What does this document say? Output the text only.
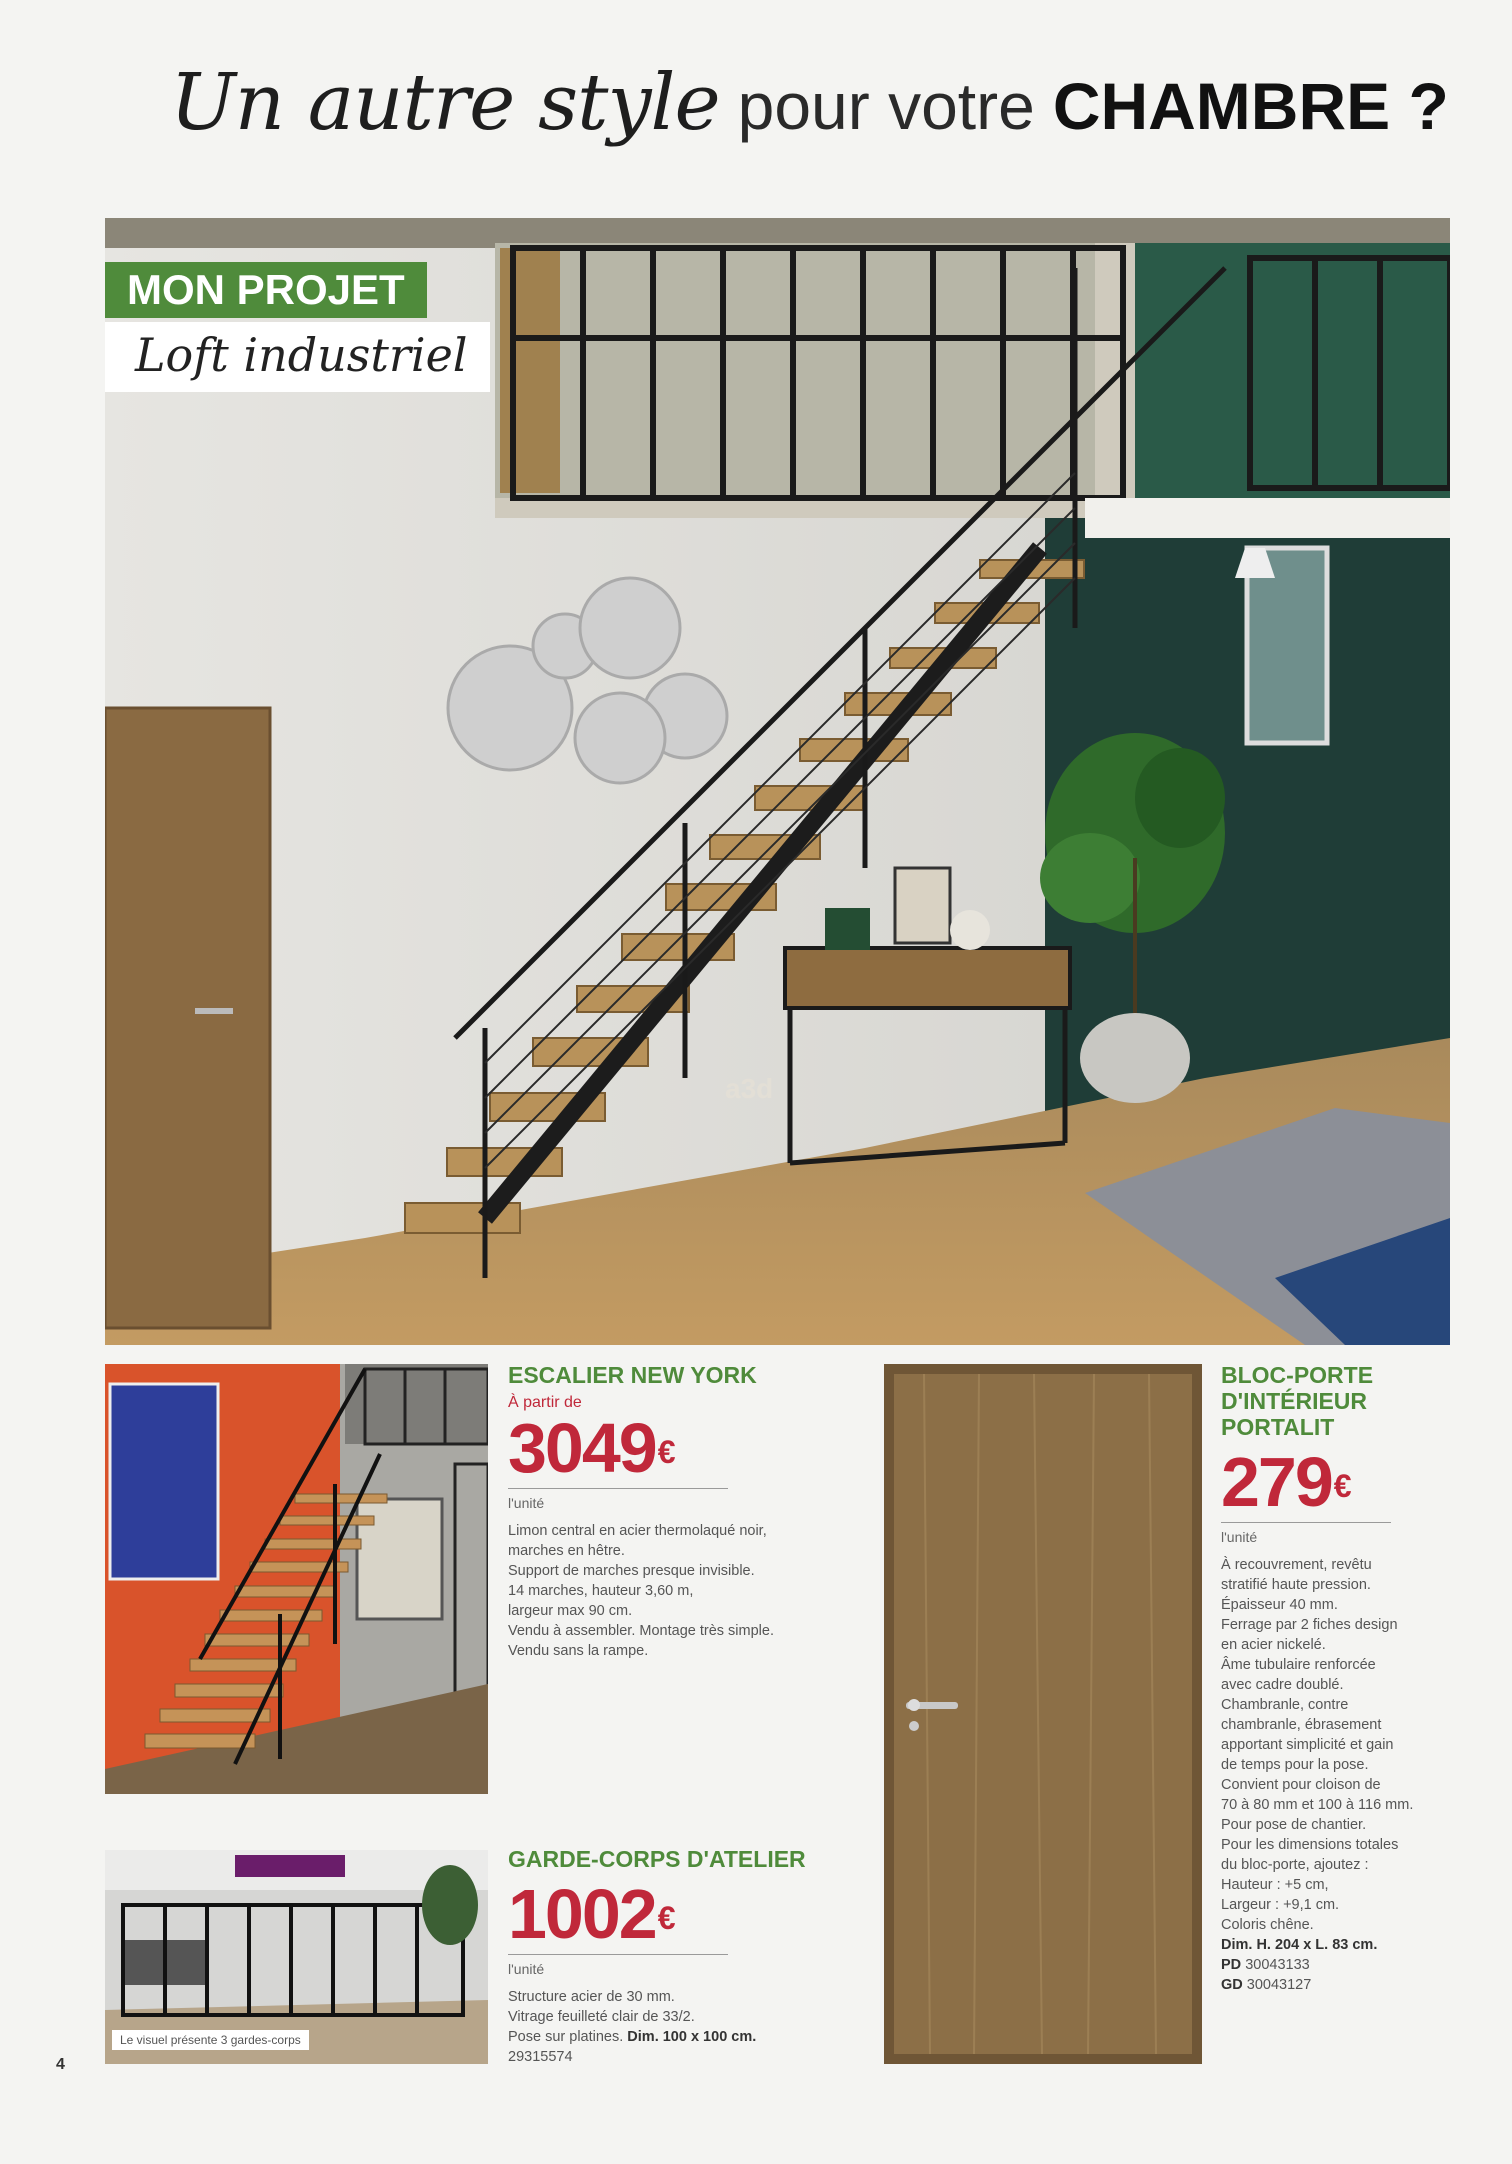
Un autre style pour votre CHAMBRE ?
a3d
MON PROJET
Loft industriel
Le visuel présente 3 gardes-corps

ESCALIER NEW YORK

À partir de

3049€

l'unité

Limon central en acier thermolaqué noir,

marches en hêtre.

Support de marches presque invisible.

14 marches, hauteur 3,60 m,

largeur max 90 cm.

Vendu à assembler. Montage très simple.

Vendu sans la rampe.

GARDE-CORPS D'ATELIER

1002€

l'unité

Structure acier de 30 mm.

Vitrage feuilleté clair de 33/2.

Pose sur platines. Dim. 100 x 100 cm.

29315574

BLOC-PORTE

D'INTÉRIEUR

PORTALIT

279€

l'unité

À recouvrement, revêtu

stratifié haute pression.

Épaisseur 40 mm.

Ferrage par 2 fiches design

en acier nickelé.

Âme tubulaire renforcée

avec cadre doublé.

Chambranle, contre

chambranle, ébrasement

apportant simplicité et gain

de temps pour la pose.

Convient pour cloison de

70 à 80 mm et 100 à 116 mm.

Pour pose de chantier.

Pour les dimensions totales

du bloc-porte, ajoutez :

Hauteur : +5 cm,

Largeur : +9,1 cm.

Coloris chêne.

Dim. H. 204 x L. 83 cm.

PD 30043133

GD 30043127

4
